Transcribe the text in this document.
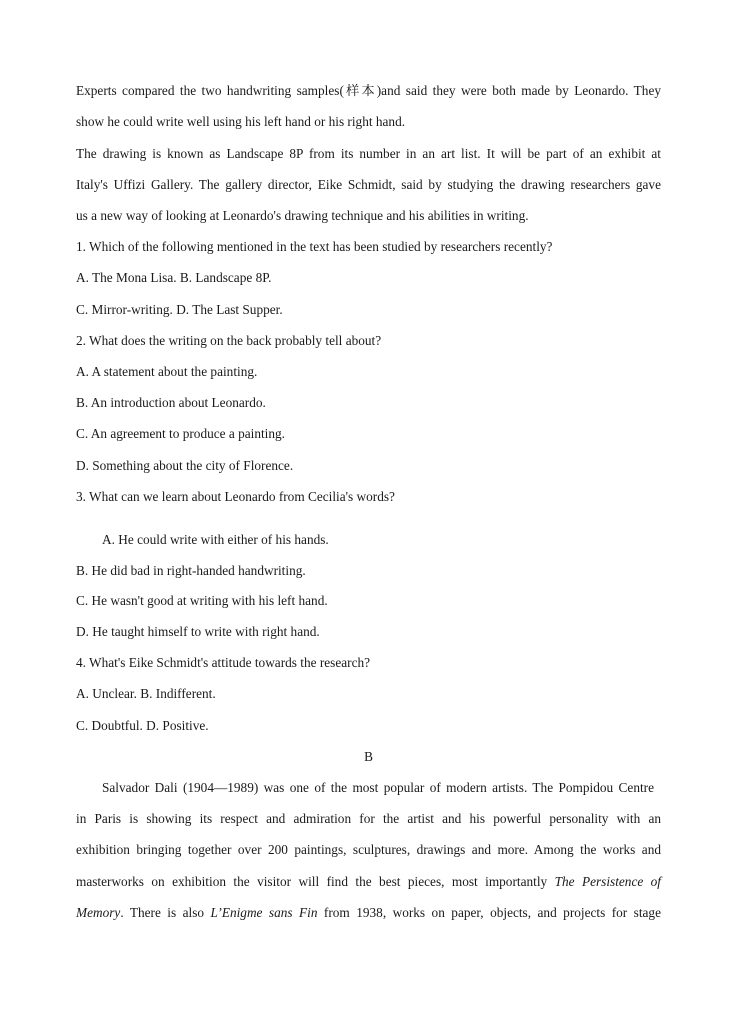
Experts compared the two handwriting samples(样本)and said they were both made by Leonardo. They
show he could write well using his left hand or his right hand.
The drawing is known as Landscape 8P from its number in an art list. It will be part of an exhibit at
Italy's Uffizi Gallery. The gallery director, Eike Schmidt, said by studying the drawing researchers gave
us a new way of looking at Leonardo's drawing technique and his abilities in writing.
1. Which of the following mentioned in the text has been studied by researchers recently?
A. The Mona Lisa. B. Landscape 8P.
C. Mirror-writing. D. The Last Supper.
2. What does the writing on the back probably tell about?
A. A statement about the painting.
B. An introduction about Leonardo.
C. An agreement to produce a painting.
D. Something about the city of Florence.
3. What can we learn about Leonardo from Cecilia's words?
A. He could write with either of his hands.
B. He did bad in right-handed handwriting.
C. He wasn't good at writing with his left hand.
D. He taught himself to write with right hand.
4. What's Eike Schmidt's attitude towards the research?
A. Unclear. B. Indifferent.
C. Doubtful. D. Positive.
B
Salvador Dali (1904—1989) was one of the most popular of modern artists. The Pompidou Centre
in Paris is showing its respect and admiration for the artist and his powerful personality with an
exhibition bringing together over 200 paintings, sculptures, drawings and more. Among the works and
masterworks on exhibition the visitor will find the best pieces, most importantly The Persistence of
Memory. There is also L’Enigme sans Fin from 1938, works on paper, objects, and projects for stage
